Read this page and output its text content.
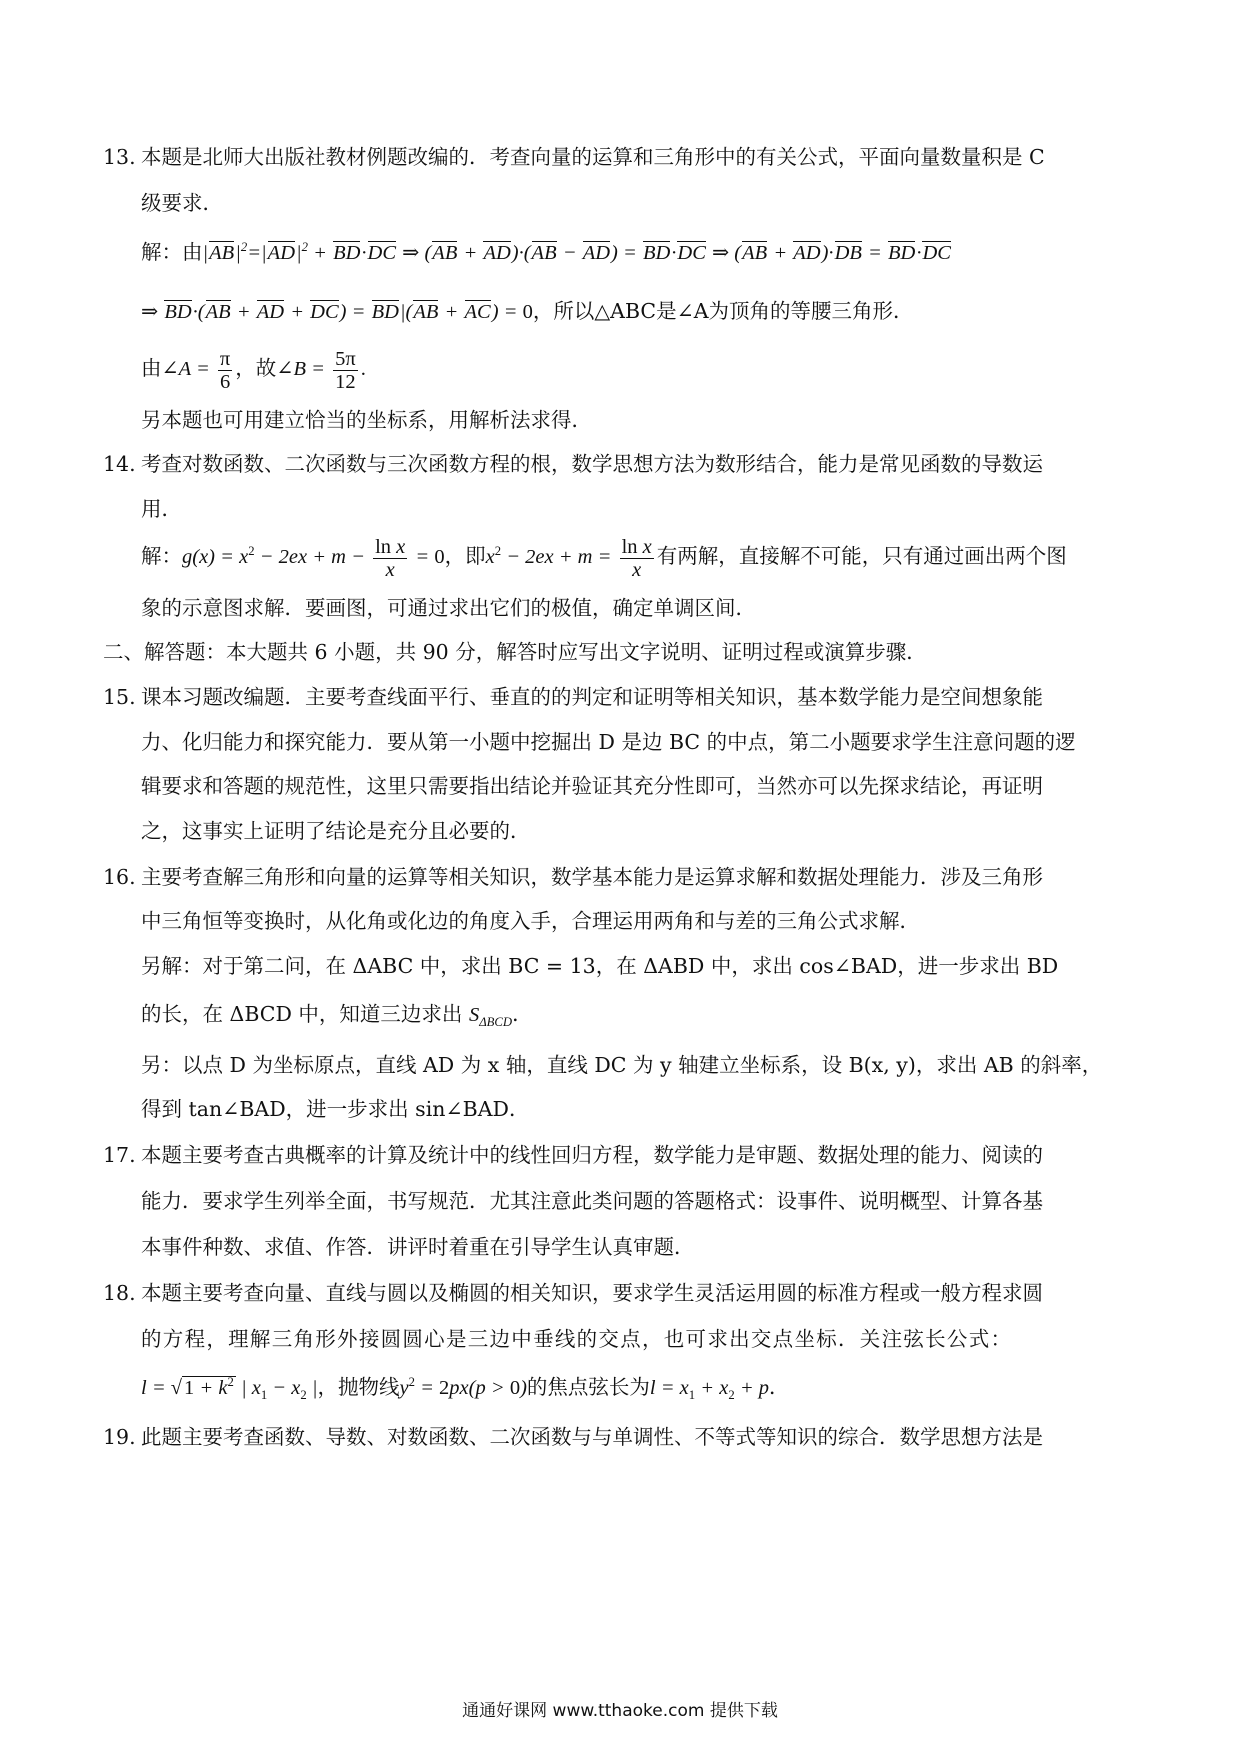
13. 本题是北师大出版社教材例题改编的．考查向量的运算和三角形中的有关公式，平面向量数量积是 C
级要求．
解：由$|AB|^2=|AD|^2 + BD\cdot DC$ ⇒ (AB + AD)·(AB − AD) = BD·DC ⇒ (AB + AD)·DB = BD·DC
⇒ BD·(AB + AD + DC) = BD|(AB + AC) = 0，所以△ABC是∠A为顶角的等腰三角形．
由∠A = $\frac{\pi}{6}$ ，故∠B = $\frac{5\pi}{12}$ .
另本题也可用建立恰当的坐标系，用解析法求得．
14. 考查对数函数、二次函数与三次函数方程的根，数学思想方法为数形结合，能力是常见函数的导数运
用．
解：$g(x) = x^2 - 2ex + m - \frac{\text{ln x}}{x} = 0$，即$x^2 - 2ex + m = \frac{\text{ln x}}{x}$ 有两解，直接解不可能，只有通过画出两个图
象的示意图求解．要画图，可通过求出它们的极值，确定单调区间．
二、解答题：本大题共 6 小题，共 90 分，解答时应写出文字说明、证明过程或演算步骤．
15. 课本习题改编题．主要考查线面平行、垂直的的判定和证明等相关知识，基本数学能力是空间想象能
力、化归能力和探究能力．要从第一小题中挖掘出 D 是边 BC 的中点，第二小题要求学生注意问题的逻
辑要求和答题的规范性，这里只需要指出结论并验证其充分性即可，当然亦可以先探求结论，再证明
之，这事实上证明了结论是充分且必要的．
16. 主要考查解三角形和向量的运算等相关知识，数学基本能力是运算求解和数据处理能力．涉及三角形
中三角恒等变换时，从化角或化边的角度入手，合理运用两角和与差的三角公式求解．
另解：对于第二问，在 ΔABC 中，求出 BC = 13，在 ΔABD 中，求出 cos∠BAD，进一步求出 BD
的长，在 ΔBCD 中，知道三边求出 $S_{\Delta BCD}$．
另：以点 D 为坐标原点，直线 AD 为 x 轴，直线 DC 为 y 轴建立坐标系，设 B(x, y)，求出 AB 的斜率，
得到 tan∠BAD，进一步求出 sin∠BAD．
17. 本题主要考查古典概率的计算及统计中的线性回归方程，数学能力是审题、数据处理的能力、阅读的
能力．要求学生列举全面，书写规范．尤其注意此类问题的答题格式：设事件、说明概型、计算各基
本事件种数、求值、作答．讲评时着重在引导学生认真审题．
18. 本题主要考查向量、直线与圆以及椭圆的相关知识，要求学生灵活运用圆的标准方程或一般方程求圆
的方程，理解三角形外接圆圆心是三边中垂线的交点，也可求出交点坐标．关注弦长公式：
$l = √1 + k^2$ | $x_1 - x_2$ |，抛物线$y^2 = 2px(p > 0)$的焦点弦长为$l = x_1 + x_2 + p$．
19. 此题主要考查函数、导数、对数函数、二次函数与与单调性、不等式等知识的综合．数学思想方法是
通通好课网 www.tthaoke.com 提供下载
